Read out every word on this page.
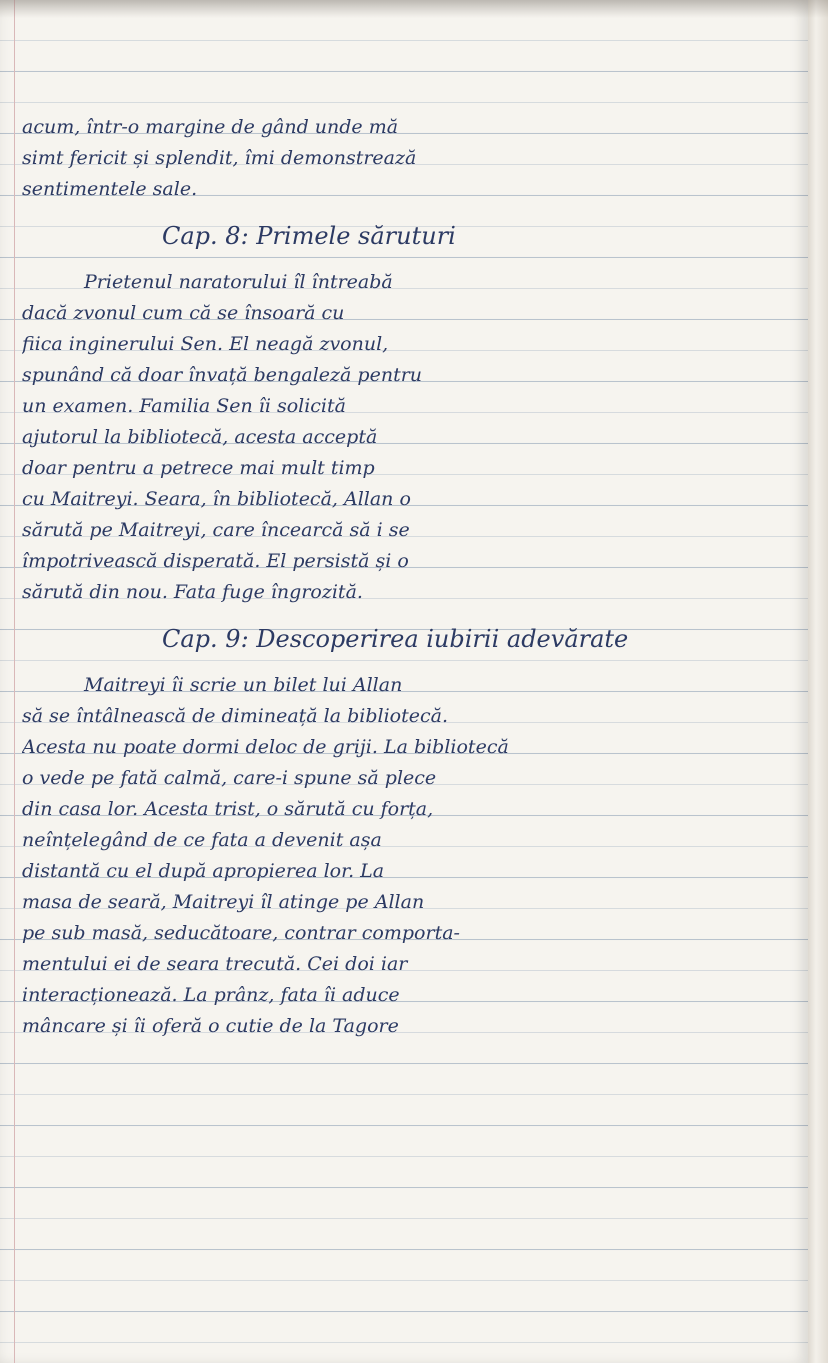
acum, într-o margine de gând unde mă
simt fericit și splendit, îmi demonstrează
sentimentele sale.
Cap. 8: Primele săruturi
Prietenul naratorului îl întreabă
dacă zvonul cum că se însoară cu
fiica inginerului Sen. El neagă zvonul,
spunând că doar învață bengaleză pentru
un examen. Familia Sen îi solicită
ajutorul la bibliotecă, acesta acceptă
doar pentru a petrece mai mult timp
cu Maitreyi. Seara, în bibliotecă, Allan o
sărută pe Maitreyi, care încearcă să i se
împotrivească disperată. El persistă și o
sărută din nou. Fata fuge îngrozită.
Cap. 9: Descoperirea iubirii adevărate
Maitreyi îi scrie un bilet lui Allan
să se întâlnească de dimineață la bibliotecă.
Acesta nu poate dormi deloc de griji. La bibliotecă
o vede pe fată calmă, care-i spune să plece
din casa lor. Acesta trist, o sărută cu forța,
neînțelegând de ce fata a devenit așa
distantă cu el după apropierea lor. La
masa de seară, Maitreyi îl atinge pe Allan
pe sub masă, seducătoare, contrar comporta-
mentului ei de seara trecută. Cei doi iar
interacționează. La prânz, fata îi aduce
mâncare și îi oferă o cutie de la Tagore
